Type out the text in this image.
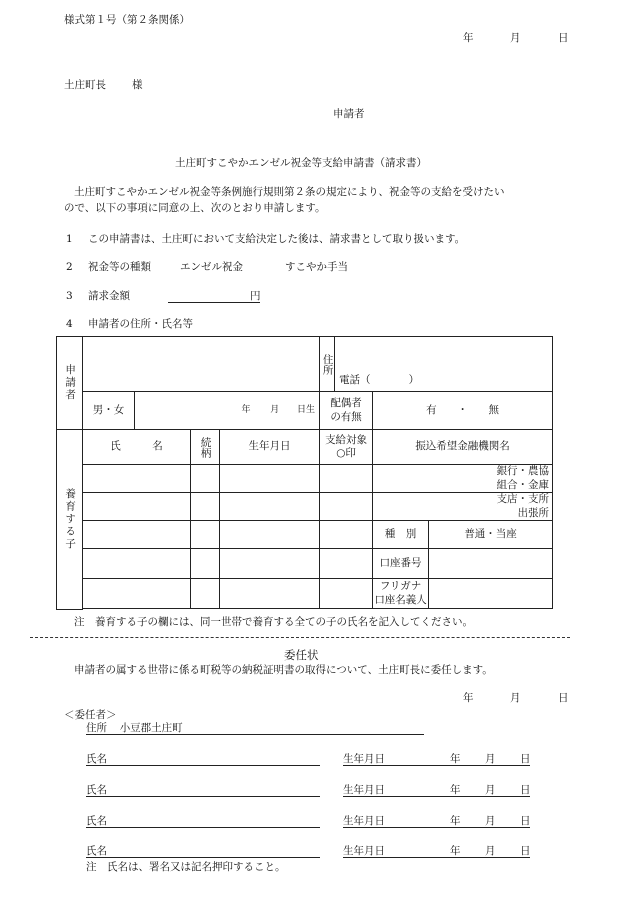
様式第１号（第２条関係）
年	月	日
土庄町長 様
申請者
土庄町すこやかエンゼル祝金等支給申請書（請求書）
土庄町すこやかエンゼル祝金等条例施行規則第２条の規定により、祝金等の支給を受けたい
ので、以下の事項に同意の上、次のとおり申請します。
1 この申請書は、土庄町において支給決定した後は、請求書として取り扱います。
2 祝金等の種類	エンゼル祝金	すこやか手当
3 請求金額	円
4 申請者の住所・氏名等
申請者					住所	電話（ ）		
	男・女	年 月 日生			配偶者
の有無		有 ・ 無	

養育する子	氏　　　名		続柄	生年月日	支給対象
○印		振込希望金融機関名	

							銀行・農協
組合・金庫	

							支店・支所
出張所	

							種　別	普通・当座
							口座番号	

							フリガナ
口座名義人	

注　養育する子の欄には、同一世帯で養育する全ての子の氏名を記入してください。
委任状
申請者の属する世帯に係る町税等の納税証明書の取得について、土庄町長に委任します。
年	月	日
＜委任者＞
住所 小豆郡土庄町
氏名	生年月日	年 月 日
氏名	生年月日	年 月 日
氏名	生年月日	年 月 日
氏名	生年月日	年 月 日
注　氏名は、署名又は記名押印すること。
